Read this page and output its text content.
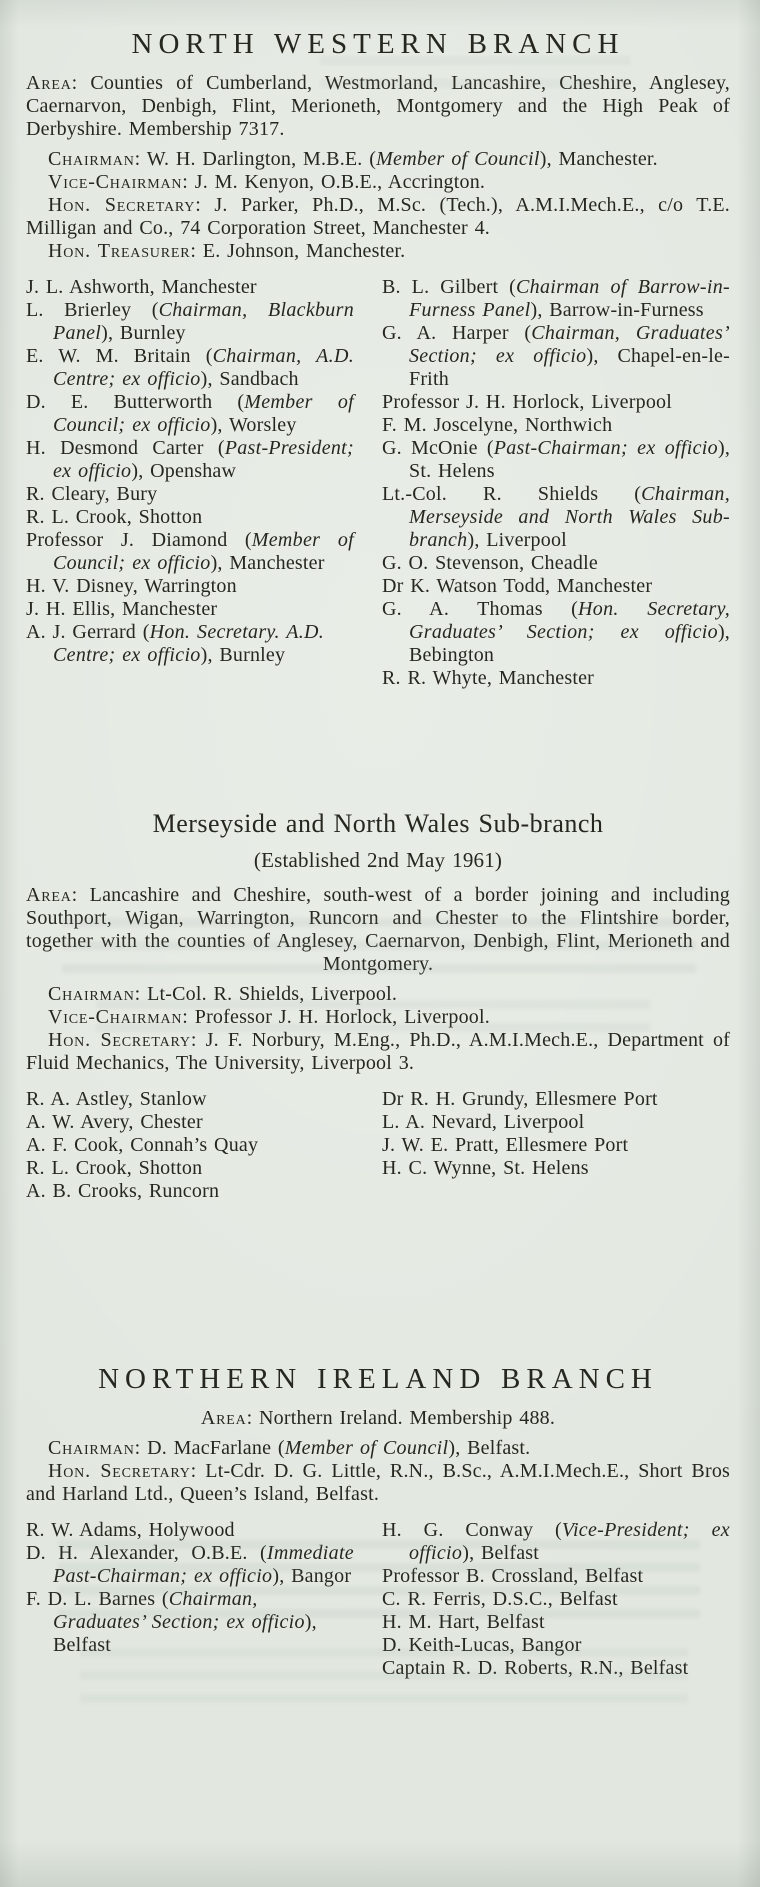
NORTH WESTERN BRANCH

Area: Counties of Cumberland, Westmorland, Lancashire, Cheshire, Anglesey, Caernarvon, Denbigh, Flint, Merioneth, Montgomery and the High Peak of Derbyshire. Membership 7317.

Chairman: W. H. Darlington, M.B.E. (Member of Council), Manchester.

Vice-Chairman: J. M. Kenyon, O.B.E., Accrington.

Hon. Secretary: J. Parker, Ph.D., M.Sc. (Tech.), A.M.I.Mech.E., c/o T.E. Milligan and Co., 74 Corporation Street, Manchester 4.

Hon. Treasurer: E. Johnson, Manchester.

J. L. Ashworth, Manchester

L. Brierley (Chairman, Blackburn Panel), Burnley

E. W. M. Britain (Chairman, A.D. Centre; ex officio), Sandbach

D. E. Butterworth (Member of Council; ex officio), Worsley

H. Desmond Carter (Past-President; ex officio), Openshaw

R. Cleary, Bury

R. L. Crook, Shotton

Professor J. Diamond (Member of Council; ex officio), Manchester

H. V. Disney, Warrington

J. H. Ellis, Manchester

A. J. Gerrard (Hon. Secretary. A.D. Centre; ex officio), Burnley

B. L. Gilbert (Chairman of Barrow-in-Furness Panel), Barrow-in-Furness

G. A. Harper (Chairman, Graduates’ Section; ex officio), Chapel-en-le-Frith

Professor J. H. Horlock, Liverpool

F. M. Joscelyne, Northwich

G. McOnie (Past-Chairman; ex officio), St. Helens

Lt.-Col. R. Shields (Chairman, Merseyside and North Wales Sub-branch), Liverpool

G. O. Stevenson, Cheadle

Dr K. Watson Todd, Manchester

G. A. Thomas (Hon. Secretary, Graduates’ Section; ex officio), Bebington

R. R. Whyte, Manchester

Merseyside and North Wales Sub-branch
(Established 2nd May 1961)

Area: Lancashire and Cheshire, south-west of a border joining and including Southport, Wigan, Warrington, Runcorn and Chester to the Flintshire border, together with the counties of Anglesey, Caernarvon, Denbigh, Flint, Merioneth and Montgomery.

Chairman: Lt-Col. R. Shields, Liverpool.

Vice-Chairman: Professor J. H. Horlock, Liverpool.

Hon. Secretary: J. F. Norbury, M.Eng., Ph.D., A.M.I.Mech.E., Department of Fluid Mechanics, The University, Liverpool 3.

R. A. Astley, Stanlow

A. W. Avery, Chester

A. F. Cook, Connah’s Quay

R. L. Crook, Shotton

A. B. Crooks, Runcorn

Dr R. H. Grundy, Ellesmere Port

L. A. Nevard, Liverpool

J. W. E. Pratt, Ellesmere Port

H. C. Wynne, St. Helens

NORTHERN IRELAND BRANCH

Area: Northern Ireland. Membership 488.

Chairman: D. MacFarlane (Member of Council), Belfast.

Hon. Secretary: Lt-Cdr. D. G. Little, R.N., B.Sc., A.M.I.Mech.E., Short Bros and Harland Ltd., Queen’s Island, Belfast.

R. W. Adams, Holywood

D. H. Alexander, O.B.E. (Immediate Past-Chairman; ex officio), Bangor

F. D. L. Barnes (Chairman, Graduates’ Section; ex officio), Belfast

H. G. Conway (Vice-President; ex officio), Belfast

Professor B. Crossland, Belfast

C. R. Ferris, D.S.C., Belfast

H. M. Hart, Belfast

D. Keith-Lucas, Bangor

Captain R. D. Roberts, R.N., Belfast
